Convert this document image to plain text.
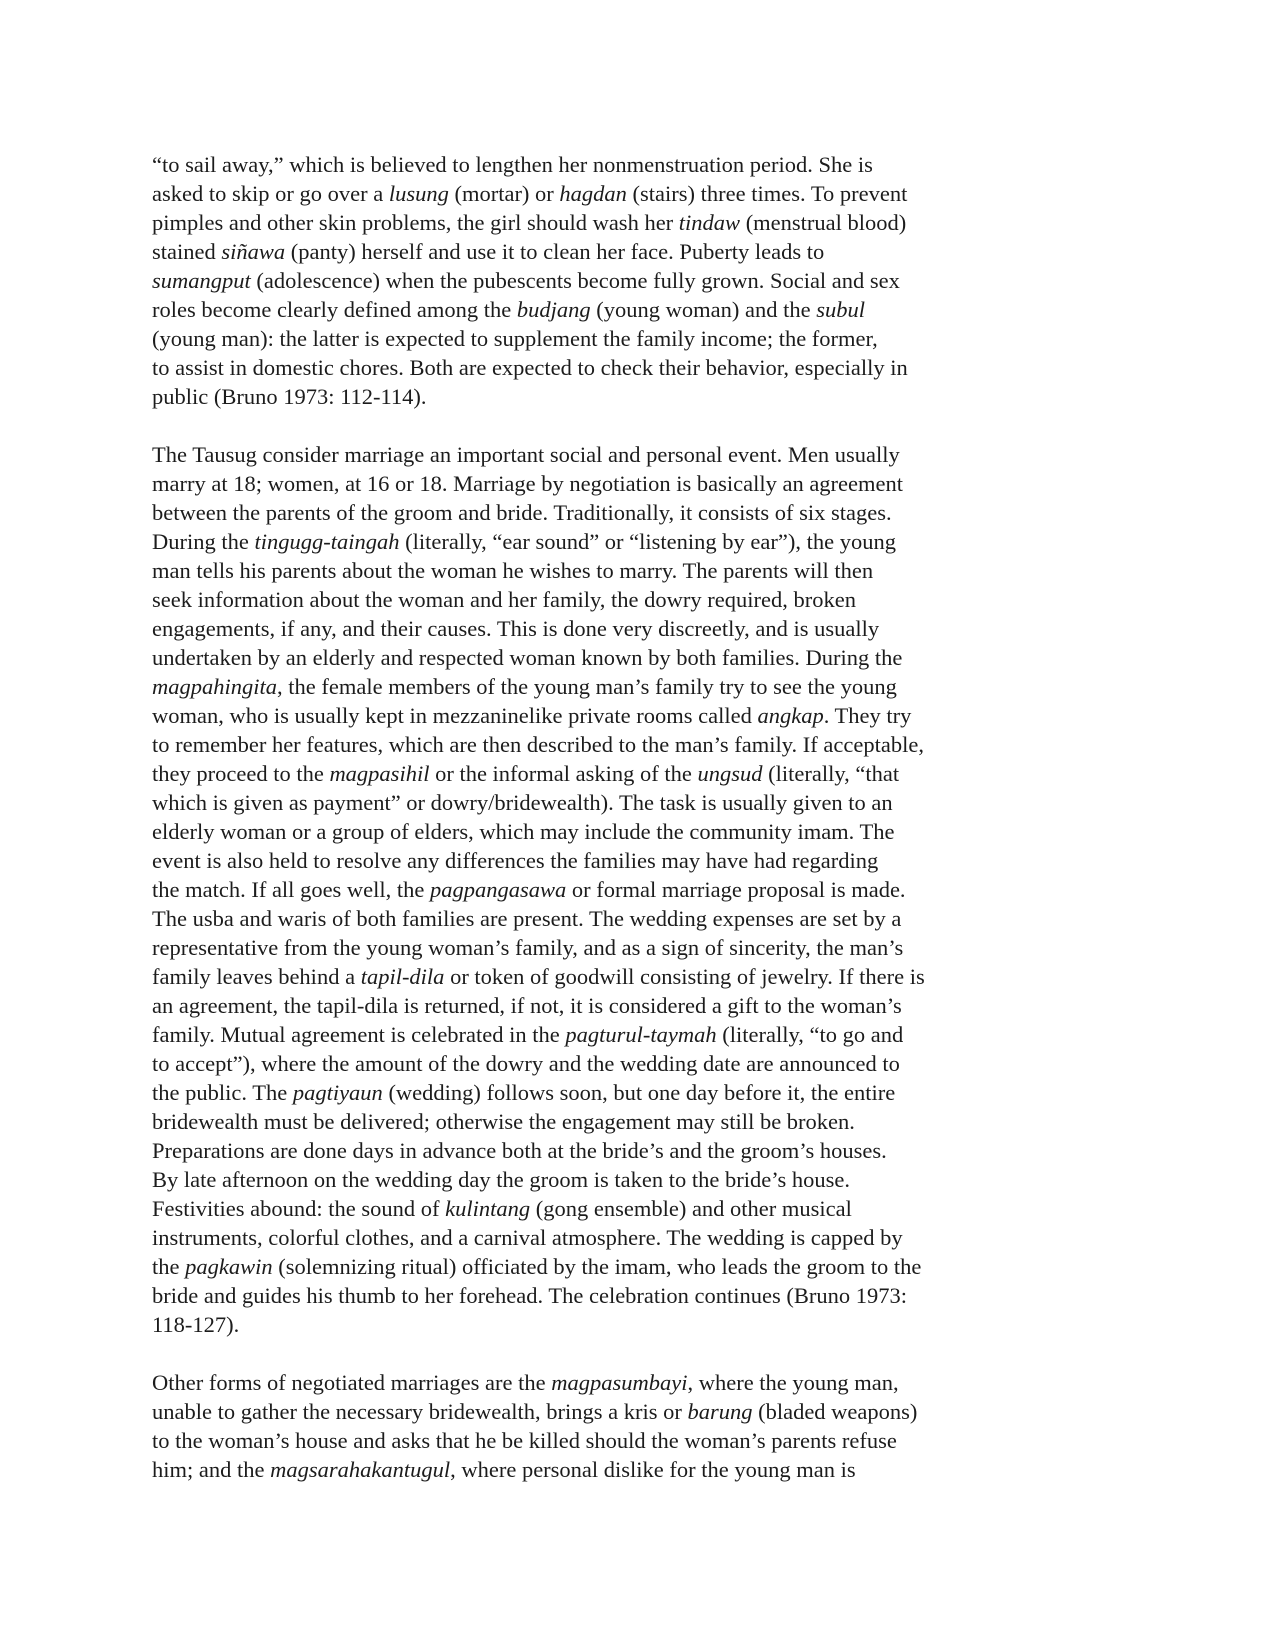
“to sail away,” which is believed to lengthen her nonmenstruation period. She is
asked to skip or go over a lusung (mortar) or hagdan (stairs) three times. To prevent
pimples and other skin problems, the girl should wash her tindaw (menstrual blood)
stained siñawa (panty) herself and use it to clean her face. Puberty leads to
sumangput (adolescence) when the pubescents become fully grown. Social and sex
roles become clearly defined among the budjang (young woman) and the subul
(young man): the latter is expected to supplement the family income; the former,
to assist in domestic chores. Both are expected to check their behavior, especially in
public (Bruno 1973: 112-114).
The Tausug consider marriage an important social and personal event. Men usually
marry at 18; women, at 16 or 18. Marriage by negotiation is basically an agreement
between the parents of the groom and bride. Traditionally, it consists of six stages.
During the tingugg-taingah (literally, “ear sound” or “listening by ear”), the young
man tells his parents about the woman he wishes to marry. The parents will then
seek information about the woman and her family, the dowry required, broken
engagements, if any, and their causes. This is done very discreetly, and is usually
undertaken by an elderly and respected woman known by both families. During the
magpahingita, the female members of the young man’s family try to see the young
woman, who is usually kept in mezzaninelike private rooms called angkap. They try
to remember her features, which are then described to the man’s family. If acceptable,
they proceed to the magpasihil or the informal asking of the ungsud (literally, “that
which is given as payment” or dowry/bridewealth). The task is usually given to an
elderly woman or a group of elders, which may include the community imam. The
event is also held to resolve any differences the families may have had regarding
the match. If all goes well, the pagpangasawa or formal marriage proposal is made.
The usba and waris of both families are present. The wedding expenses are set by a
representative from the young woman’s family, and as a sign of sincerity, the man’s
family leaves behind a tapil-dila or token of goodwill consisting of jewelry. If there is
an agreement, the tapil-dila is returned, if not, it is considered a gift to the woman’s
family. Mutual agreement is celebrated in the pagturul-taymah (literally, “to go and
to accept”), where the amount of the dowry and the wedding date are announced to
the public. The pagtiyaun (wedding) follows soon, but one day before it, the entire
bridewealth must be delivered; otherwise the engagement may still be broken.
Preparations are done days in advance both at the bride’s and the groom’s houses.
By late afternoon on the wedding day the groom is taken to the bride’s house.
Festivities abound: the sound of kulintang (gong ensemble) and other musical
instruments, colorful clothes, and a carnival atmosphere. The wedding is capped by
the pagkawin (solemnizing ritual) officiated by the imam, who leads the groom to the
bride and guides his thumb to her forehead. The celebration continues (Bruno 1973:
118-127).
Other forms of negotiated marriages are the magpasumbayi, where the young man,
unable to gather the necessary bridewealth, brings a kris or barung (bladed weapons)
to the woman’s house and asks that he be killed should the woman’s parents refuse
him; and the magsarahakantugul, where personal dislike for the young man is
